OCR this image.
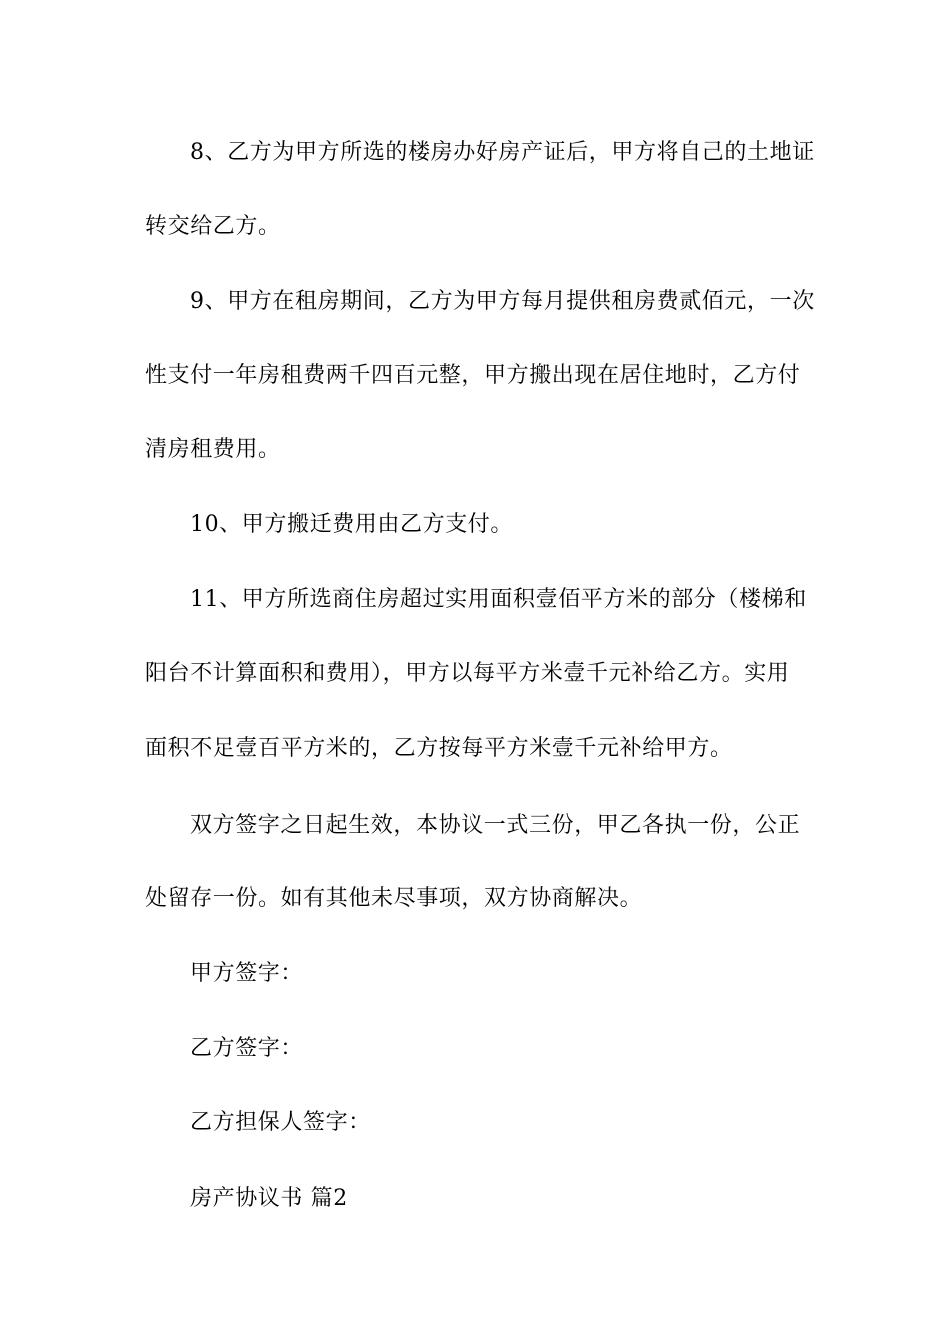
8、乙方为甲方所选的楼房办好房产证后，甲方将自己的土地证
转交给乙方。
9、甲方在租房期间，乙方为甲方每月提供租房费贰佰元，一次
性支付一年房租费两千四百元整，甲方搬出现在居住地时，乙方付
清房租费用。
10、甲方搬迁费用由乙方支付。
11、甲方所选商住房超过实用面积壹佰平方米的部分（楼梯和
阳台不计算面积和费用），甲方以每平方米壹千元补给乙方。实用
面积不足壹百平方米的，乙方按每平方米壹千元补给甲方。
双方签字之日起生效，本协议一式三份，甲乙各执一份，公正
处留存一份。如有其他未尽事项，双方协商解决。
甲方签字：
乙方签字：
乙方担保人签字：
房产协议书 篇2
